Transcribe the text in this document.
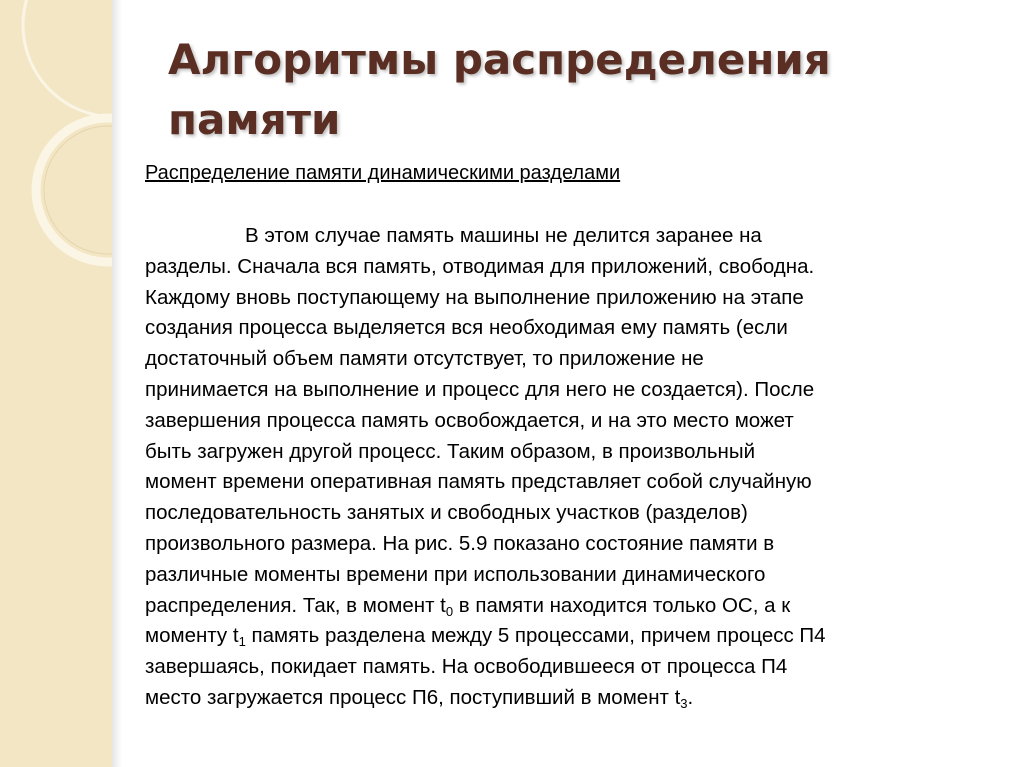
Алгоритмы распределения
памяти
Распределение памяти динамическими разделами
В этом случае память машины не делится заранее на
разделы. Сначала вся память, отводимая для приложений, свободна.
Каждому вновь поступающему на выполнение приложению на этапе
создания процесса выделяется вся необходимая ему память (если
достаточный объем памяти отсутствует, то приложение не
принимается на выполнение и процесс для него не создается). После
завершения процесса память освобождается, и на это место может
быть загружен другой процесс. Таким образом, в произвольный
момент времени оперативная память представляет собой случайную
последовательность занятых и свободных участков (разделов)
произвольного размера. На рис. 5.9 показано состояние памяти в
различные моменты времени при использовании динамического
распределения. Так, в момент $t_0$ в памяти находится только ОС, а к
моменту $t_1$ память разделена между 5 процессами, причем процесс П4
завершаясь, покидает память. На освободившееся от процесса П4
место загружается процесс П6, поступивший в момент $t_3$.
